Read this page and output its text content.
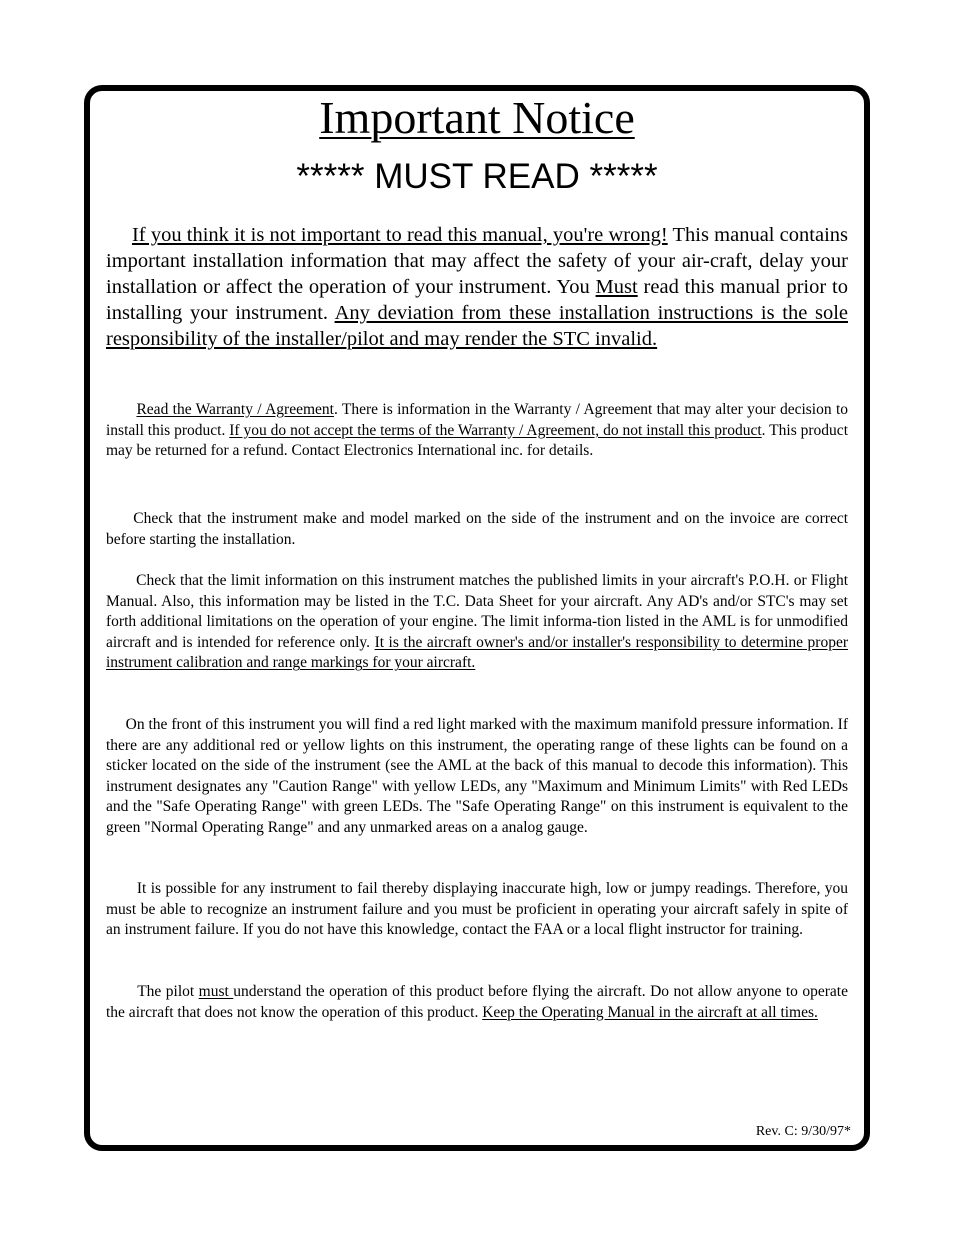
Important Notice
***** MUST READ *****

If you think it is not important to read this manual, you're wrong! This manual contains important installation information that may affect the safety of your air-craft, delay your installation or affect the operation of your instrument. You Must read this manual prior to installing your instrument. Any deviation from these installation instructions is the sole responsibility of the installer/pilot and may render the STC invalid.

Read the Warranty / Agreement. There is information in the Warranty / Agreement that may alter your decision to install this product. If you do not accept the terms of the Warranty / Agreement, do not install this product. This product may be returned for a refund. Contact Electronics International inc. for details.

Check that the instrument make and model marked on the side of the instrument and on the invoice are correct before starting the installation.

Check that the limit information on this instrument matches the published limits in your aircraft's P.O.H. or Flight Manual. Also, this information may be listed in the T.C. Data Sheet for your aircraft. Any AD's and/or STC's may set forth additional limitations on the operation of your engine. The limit informa-tion listed in the AML is for unmodified aircraft and is intended for reference only. It is the aircraft owner's and/or installer's responsibility to determine proper instrument calibration and range markings for your aircraft.

On the front of this instrument you will find a red light marked with the maximum manifold pressure information. If there are any additional red or yellow lights on this instrument, the operating range of these lights can be found on a sticker located on the side of the instrument (see the AML at the back of this manual to decode this information). This instrument designates any "Caution Range" with yellow LEDs, any "Maximum and Minimum Limits" with Red LEDs and the "Safe Operating Range" with green LEDs. The "Safe Operating Range" on this instrument is equivalent to the green "Normal Operating Range" and any unmarked areas on a analog gauge.

It is possible for any instrument to fail thereby displaying inaccurate high, low or jumpy readings. Therefore, you must be able to recognize an instrument failure and you must be proficient in operating your aircraft safely in spite of an instrument failure. If you do not have this knowledge, contact the FAA or a local flight instructor for training.

The pilot must understand the operation of this product before flying the aircraft. Do not allow anyone to operate the aircraft that does not know the operation of this product. Keep the Operating Manual in the aircraft at all times.

Rev. C: 9/30/97*
